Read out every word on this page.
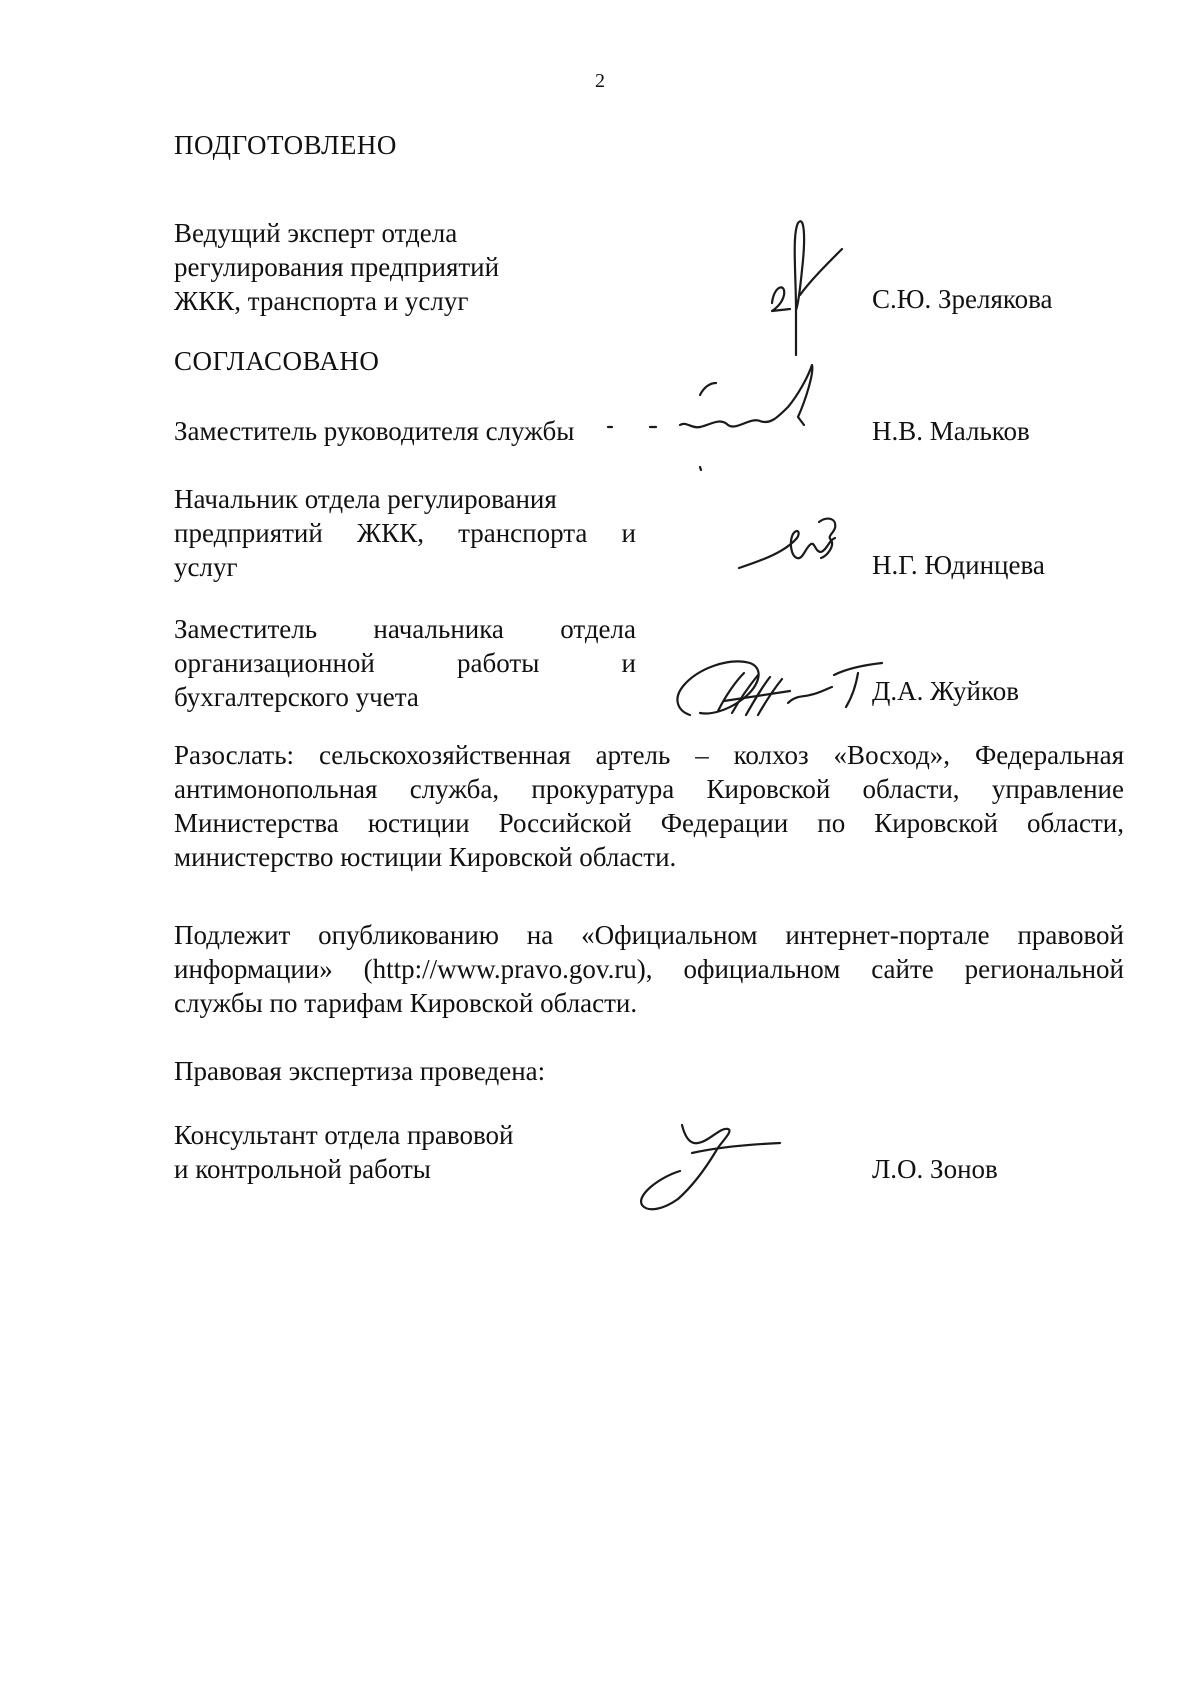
2
ПОДГОТОВЛЕНО
Ведущий эксперт отдела
регулирования предприятий
ЖКК, транспорта и услуг	С.Ю. Зрелякова
СОГЛАСОВАНО
Заместитель руководителя службы	Н.В. Мальков
Начальник отдела регулирования
предприятий ЖКК, транспорта и
услуг	Н.Г. Юдинцева
Заместитель начальника отдела
организационной работы и
бухгалтерского учета	Д.А. Жуйков
Разослать: сельскохозяйственная артель – колхоз «Восход», Федеральная
антимонопольная служба, прокуратура Кировской области, управление
Министерства юстиции Российской Федерации по Кировской области,
министерство юстиции Кировской области.
Подлежит опубликованию на «Официальном интернет-портале правовой
информации» (http://www.pravo.gov.ru), официальном сайте региональной
службы по тарифам Кировской области.
Правовая экспертиза проведена:
Консультант отдела правовой
и контрольной работы	Л.О. Зонов
